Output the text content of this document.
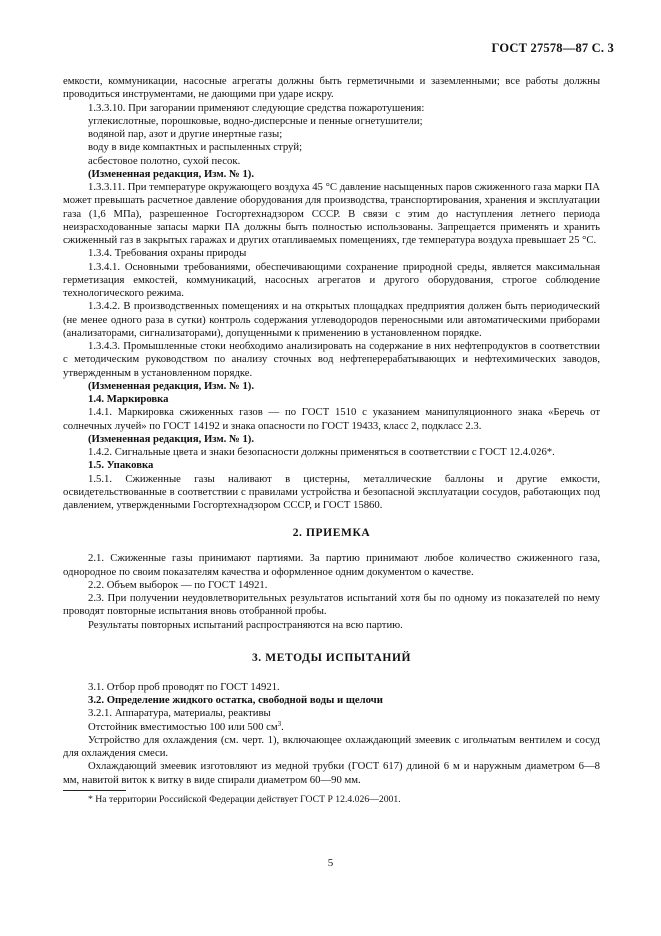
ГОСТ 27578—87 С. 3

емкости, коммуникации, насосные агрегаты должны быть герметичными и заземленными; все работы должны проводиться инструментами, не дающими при ударе искру.

1.3.3.10. При загорании применяют следующие средства пожаротушения:

углекислотные, порошковые, водно-дисперсные и пенные огнетушители;

водяной пар, азот и другие инертные газы;

воду в виде компактных и распыленных струй;

асбестовое полотно, сухой песок.

(Измененная редакция, Изм. № 1).

1.3.3.11. При температуре окружающего воздуха 45 °С давление насыщенных паров сжиженного газа марки ПА может превышать расчетное давление оборудования для производства, транспортирования, хранения и эксплуатации газа (1,6 МПа), разрешенное Госгортехнадзором СССР. В связи с этим до наступления летнего периода неизрасходованные запасы марки ПА должны быть полностью использованы. Запрещается применять и хранить сжиженный газ в закрытых гаражах и других отапливаемых помещениях, где температура воздуха превышает 25 °С.

1.3.4. Требования охраны природы

1.3.4.1. Основными требованиями, обеспечивающими сохранение природной среды, является максимальная герметизация емкостей, коммуникаций, насосных агрегатов и другого оборудования, строгое соблюдение технологического режима.

1.3.4.2. В производственных помещениях и на открытых площадках предприятия должен быть периодический (не менее одного раза в сутки) контроль содержания углеводородов переносными или автоматическими приборами (анализаторами, сигнализаторами), допущенными к применению в установленном порядке.

1.3.4.3. Промышленные стоки необходимо анализировать на содержание в них нефтепродуктов в соответствии с методическим руководством по анализу сточных вод нефтеперерабатывающих и нефтехимических заводов, утвержденным в установленном порядке.

(Измененная редакция, Изм. № 1).

1.4. Маркировка

1.4.1. Маркировка сжиженных газов — по ГОСТ 1510 с указанием манипуляционного знака «Беречь от солнечных лучей» по ГОСТ 14192 и знака опасности по ГОСТ 19433, класс 2, подкласс 2.3.

(Измененная редакция, Изм. № 1).

1.4.2. Сигнальные цвета и знаки безопасности должны применяться в соответствии с ГОСТ 12.4.026*.

1.5. Упаковка

1.5.1. Сжиженные газы наливают в цистерны, металлические баллоны и другие емкости, освидетельствованные в соответствии с правилами устройства и безопасной эксплуатации сосудов, работающих под давлением, утвержденными Госгортехнадзором СССР, и ГОСТ 15860.

2. ПРИЕМКА

2.1. Сжиженные газы принимают партиями. За партию принимают любое количество сжиженного газа, однородное по своим показателям качества и оформленное одним документом о качестве.

2.2. Объем выборок — по ГОСТ 14921.

2.3. При получении неудовлетворительных результатов испытаний хотя бы по одному из показателей по нему проводят повторные испытания вновь отобранной пробы.

Результаты повторных испытаний распространяются на всю партию.

3. МЕТОДЫ ИСПЫТАНИЙ

3.1. Отбор проб проводят по ГОСТ 14921.

3.2. Определение жидкого остатка, свободной воды и щелочи

3.2.1. Аппаратура, материалы, реактивы

Отстойник вместимостью 100 или 500 $см^3$.

Устройство для охлаждения (см. черт. 1), включающее охлаждающий змеевик с игольчатым вентилем и сосуд для охлаждения смеси.

Охлаждающий змеевик изготовляют из медной трубки (ГОСТ 617) длиной 6 м и наружным диаметром 6—8 мм, навитой виток к витку в виде спирали диаметром 60—90 мм.

* На территории Российской Федерации действует ГОСТ Р 12.4.026—2001.

5
